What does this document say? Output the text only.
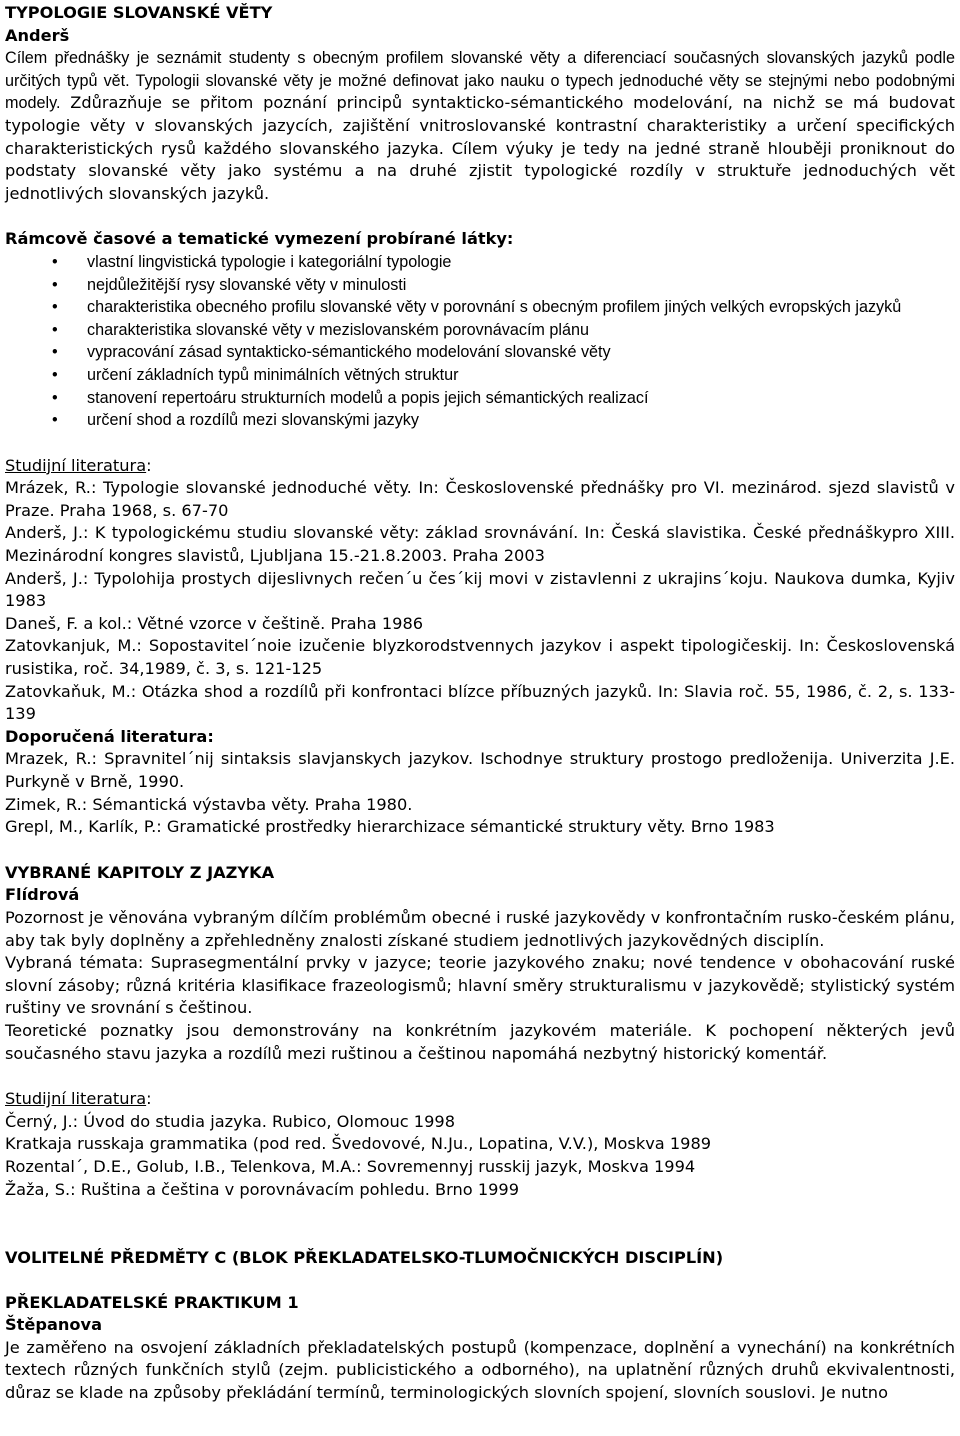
TYPOLOGIE SLOVANSKÉ VĚTY
Anderš

Cílem přednášky je seznámit studenty s obecným profilem slovanské věty a diferenciací současných slovanských jazyků podle určitých typů vět. Typologii slovanské věty je možné definovat jako nauku o typech jednoduché věty se stejnými nebo podobnými modely. Zdůrazňuje se přitom poznání principů syntakticko-sémantického modelování, na nichž se má budovat typologie věty v slovanských jazycích, zajištění vnitroslovanské kontrastní charakteristiky a určení specifických charakteristických rysů každého slovanského jazyka. Cílem výuky je tedy na jedné straně hlouběji proniknout do podstaty slovanské věty jako systému a na druhé zjistit typologické rozdíly v struktuře jednoduchých vět jednotlivých slovanských jazyků.

Rámcově časové a tematické vymezení probírané látky:
• vlastní lingvistická typologie i kategoriální typologie
• nejdůležitější rysy slovanské věty v minulosti
• charakteristika obecného profilu slovanské věty v porovnání s obecným profilem jiných velkých evropských jazyků
• charakteristika slovanské věty v mezislovanském porovnávacím plánu
• vypracování zásad syntakticko-sémantického modelování slovanské věty
• určení základních typů minimálních větných struktur
• stanovení repertoáru strukturních modelů a popis jejich sémantických realizací
• určení shod a rozdílů mezi slovanskými jazyky
Studijní literatura:

Mrázek, R.: Typologie slovanské jednoduché věty. In: Československé přednášky pro VI. mezinárod. sjezd slavistů v Praze. Praha 1968, s. 67-70

Anderš, J.: K typologickému studiu slovanské věty: základ srovnávání. In: Česká slavistika. České přednáškypro XIII. Mezinárodní kongres slavistů, Ljubljana 15.-21.8.2003. Praha 2003

Anderš, J.: Typolohija prostych dijeslivnych rečen´u čes´kij movi v zistavlenni z ukrajins´koju. Naukova dumka, Kyjiv 1983

Daneš, F. a kol.: Větné vzorce v češtině. Praha 1986

Zatovkanjuk, M.: Sopostavitel´noie izučenie blyzkorodstvennych jazykov i aspekt tipologičeskij. In: Československá rusistika, roč. 34,1989, č. 3, s. 121-125

Zatovkaňuk, M.: Otázka shod a rozdílů při konfrontaci blízce příbuzných jazyků. In: Slavia roč. 55, 1986, č. 2, s. 133-139

Doporučená literatura:

Mrazek, R.: Spravnitel´nij sintaksis slavjanskych jazykov. Ischodnye struktury prostogo predloženija. Univerzita J.E. Purkyně v Brně, 1990.

Zimek, R.: Sémantická výstavba věty. Praha 1980.

Grepl, M., Karlík, P.: Gramatické prostředky hierarchizace sémantické struktury věty. Brno 1983

VYBRANÉ KAPITOLY Z JAZYKA
Flídrová

Pozornost je věnována vybraným dílčím problémům obecné i ruské jazykovědy v konfrontačním rusko-českém plánu, aby tak byly doplněny a zpřehledněny znalosti získané studiem jednotlivých jazykovědných disciplín.

Vybraná témata: Suprasegmentální prvky v jazyce; teorie jazykového znaku; nové tendence v obohacování ruské slovní zásoby; různá kritéria klasifikace frazeologismů; hlavní směry strukturalismu v jazykovědě; stylistický systém ruštiny ve srovnání s češtinou.

Teoretické poznatky jsou demonstrovány na konkrétním jazykovém materiále. K pochopení některých jevů současného stavu jazyka a rozdílů mezi ruštinou a češtinou napomáhá nezbytný historický komentář.

Studijní literatura:

Černý, J.: Úvod do studia jazyka. Rubico, Olomouc 1998

Kratkaja russkaja grammatika (pod red. Švedovové, N.Ju., Lopatina, V.V.), Moskva 1989

Rozental´, D.E., Golub, I.B., Telenkova, M.A.: Sovremennyj russkij jazyk, Moskva 1994

Žaža, S.: Ruština a čeština v porovnávacím pohledu. Brno 1999

VOLITELNÉ PŘEDMĚTY C (BLOK PŘEKLADATELSKO-TLUMOČNICKÝCH DISCIPLÍN)
PŘEKLADATELSKÉ PRAKTIKUM 1
Štěpanova

Je zaměřeno na osvojení základních překladatelských postupů (kompenzace, doplnění a vynechání) na konkrétních textech různých funkčních stylů (zejm. publicistického a odborného), na uplatnění různých druhů ekvivalentnosti, důraz se klade na způsoby překládání termínů, terminologických slovních spojení, slovních souslovi. Je nutno
